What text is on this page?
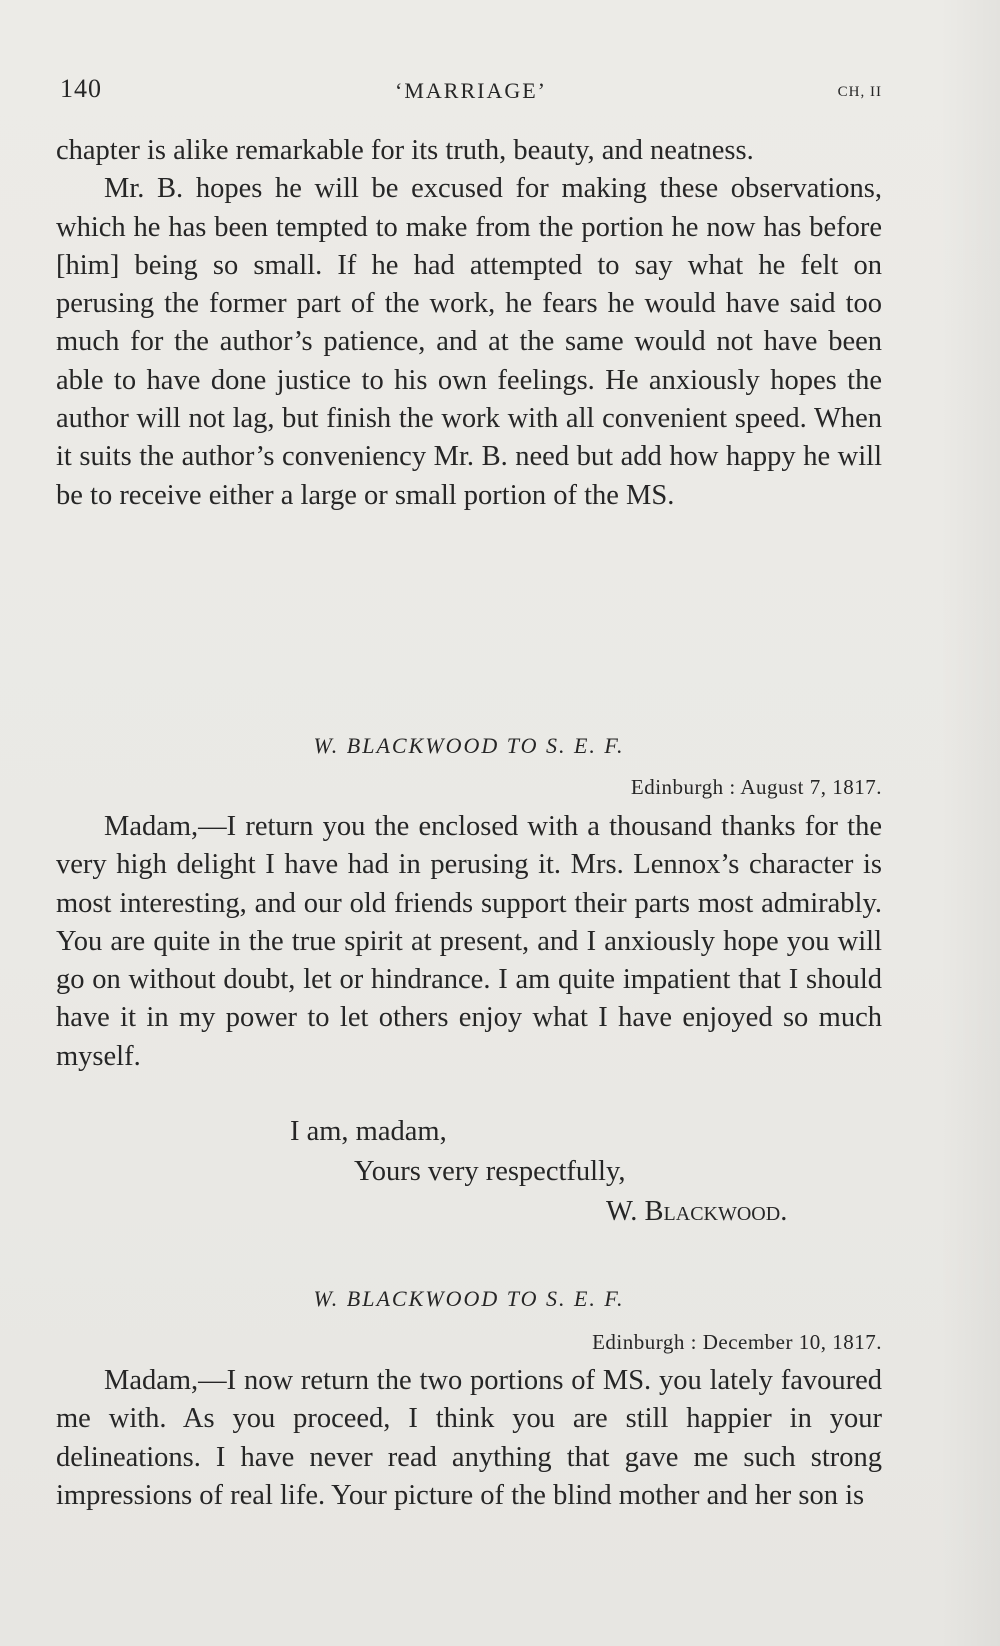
140	‘MARRIAGE’	CH, II

chapter is alike remarkable for its truth, beauty, and neatness.

Mr. B. hopes he will be excused for making these observations, which he has been tempted to make from the portion he now has before [him] being so small. If he had attempted to say what he felt on perusing the former part of the work, he fears he would have said too much for the author’s patience, and at the same would not have been able to have done justice to his own feelings. He anxiously hopes the author will not lag, but finish the work with all convenient speed. When it suits the author’s conveniency Mr. B. need but add how happy he will be to receive either a large or small portion of the MS.

W. BLACKWOOD TO S. E. F.
Edinburgh : August 7, 1817.

Madam,—I return you the enclosed with a thousand thanks for the very high delight I have had in perusing it. Mrs. Lennox’s character is most interesting, and our old friends support their parts most admirably. You are quite in the true spirit at present, and I anxiously hope you will go on without doubt, let or hindrance. I am quite impatient that I should have it in my power to let others enjoy what I have enjoyed so much myself.

I am, madam,
Yours very respectfully,
W. Blackwood.
W. BLACKWOOD TO S. E. F.
Edinburgh : December 10, 1817.

Madam,—I now return the two portions of MS. you lately favoured me with. As you proceed, I think you are still happier in your delineations. I have never read anything that gave me such strong impressions of real life. Your picture of the blind mother and her son is
